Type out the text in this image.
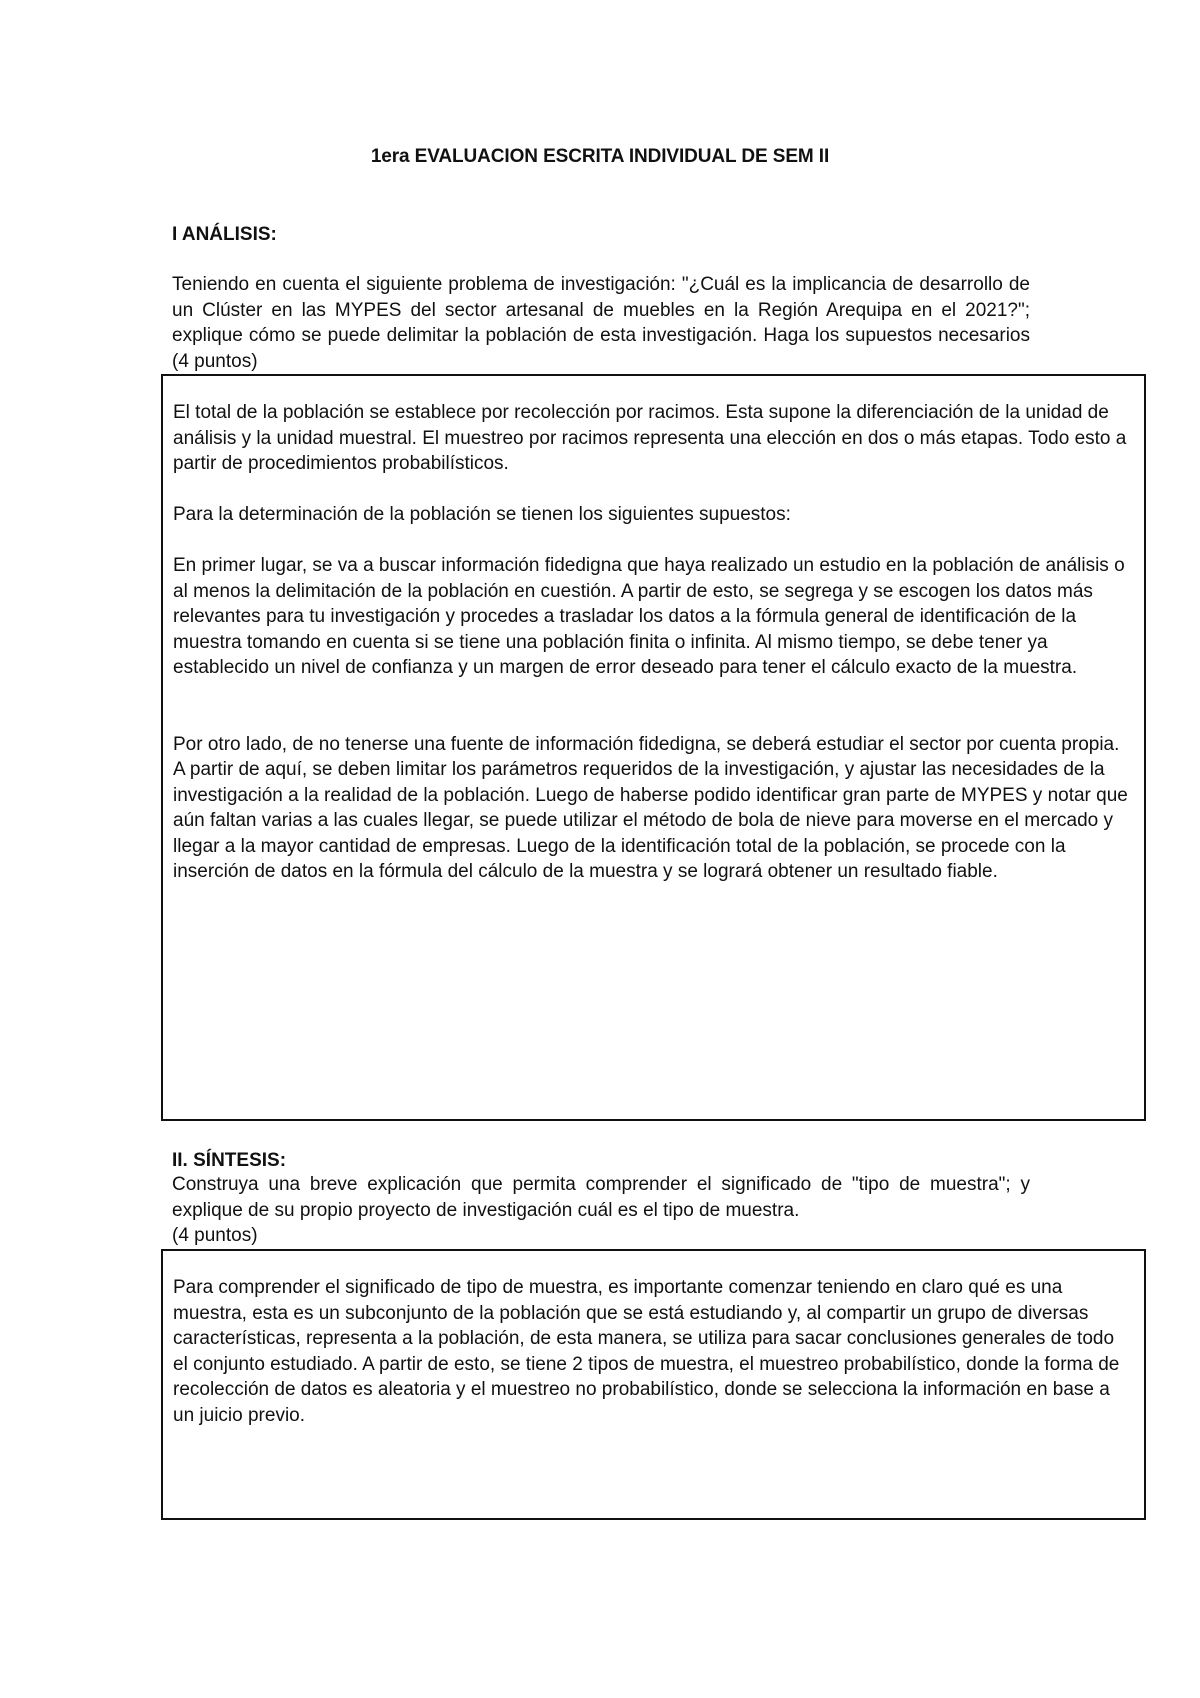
1era EVALUACION ESCRITA INDIVIDUAL DE SEM II
I ANÁLISIS:

Teniendo en cuenta el siguiente problema de investigación: "¿Cuál es la implicancia de desarrollo de un Clúster en las MYPES del sector artesanal de muebles en la Región Arequipa en el 2021?"; explique cómo se puede delimitar la población de esta investigación. Haga los supuestos necesarios (4 puntos)

El total de la población se establece por recolección por racimos. Esta supone la diferenciación de la unidad de análisis y la unidad muestral. El muestreo por racimos representa una elección en dos o más etapas. Todo esto a partir de procedimientos probabilísticos.

Para la determinación de la población se tienen los siguientes supuestos:

En primer lugar, se va a buscar información fidedigna que haya realizado un estudio en la población de análisis o al menos la delimitación de la población en cuestión. A partir de esto, se segrega y se escogen los datos más relevantes para tu investigación y procedes a trasladar los datos a la fórmula general de identificación de la muestra tomando en cuenta si se tiene una población finita o infinita. Al mismo tiempo, se debe tener ya establecido un nivel de confianza y un margen de error deseado para tener el cálculo exacto de la muestra.

Por otro lado, de no tenerse una fuente de información fidedigna, se deberá estudiar el sector por cuenta propia. A partir de aquí, se deben limitar los parámetros requeridos de la investigación, y ajustar las necesidades de la investigación a la realidad de la población. Luego de haberse podido identificar gran parte de MYPES y notar que aún faltan varias a las cuales llegar, se puede utilizar el método de bola de nieve para moverse en el mercado y llegar a la mayor cantidad de empresas. Luego de la identificación total de la población, se procede con la inserción de datos en la fórmula del cálculo de la muestra y se logrará obtener un resultado fiable.

II. SÍNTESIS:

Construya una breve explicación que permita comprender el significado de "tipo de muestra"; y explique de su propio proyecto de investigación cuál es el tipo de muestra.

(4 puntos)

Para comprender el significado de tipo de muestra, es importante comenzar teniendo en claro qué es una muestra, esta es un subconjunto de la población que se está estudiando y, al compartir un grupo de diversas características, representa a la población, de esta manera, se utiliza para sacar conclusiones generales de todo el conjunto estudiado. A partir de esto, se tiene 2 tipos de muestra, el muestreo probabilístico, donde la forma de recolección de datos es aleatoria y el muestreo no probabilístico, donde se selecciona la información en base a un juicio previo.
